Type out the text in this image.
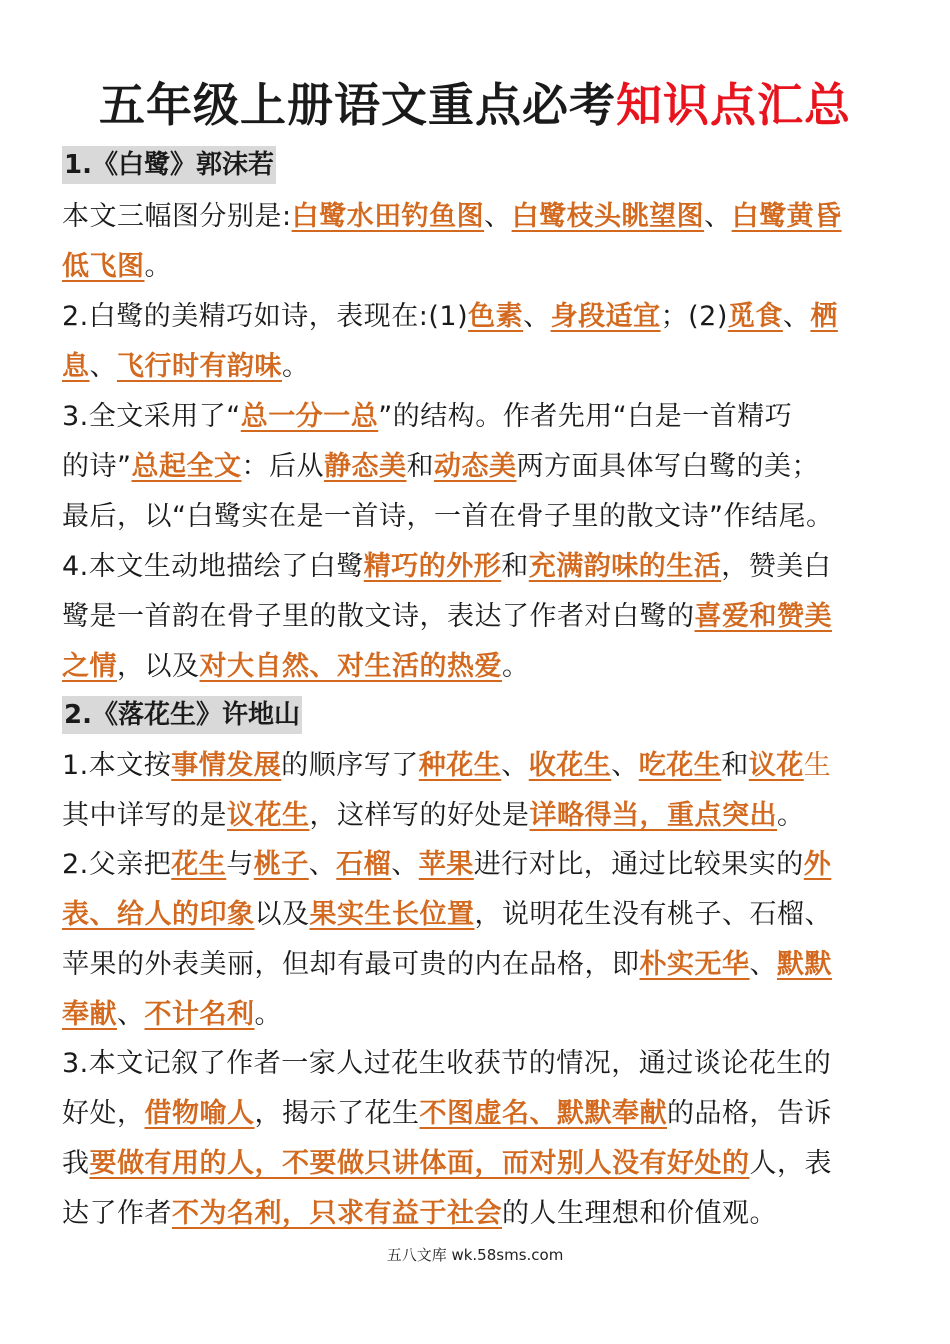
五年级上册语文重点必考知识点汇总
1.《白鹭》郭沫若
本文三幅图分别是:白鹭水田钓鱼图、白鹭枝头眺望图、白鹭黄昏
低飞图。
2.白鹭的美精巧如诗，表现在:(1)色素、身段适宜；(2)觅食、栖
息、飞行时有韵味。
3.全文采用了“总一分一总”的结构。作者先用“白是一首精巧
的诗”总起全文：后从静态美和动态美两方面具体写白鹭的美；
最后，以“白鹭实在是一首诗，一首在骨子里的散文诗”作结尾。
4.本文生动地描绘了白鹭精巧的外形和充满韵味的生活，赞美白
鹭是一首韵在骨子里的散文诗，表达了作者对白鹭的喜爱和赞美
之情，以及对大自然、对生活的热爱。
2.《落花生》许地山
1.本文按事情发展的顺序写了种花生、收花生、吃花生和议花生
其中详写的是议花生，这样写的好处是详略得当，重点突出。
2.父亲把花生与桃子、石榴、苹果进行对比，通过比较果实的外
表、给人的印象以及果实生长位置，说明花生没有桃子、石榴、
苹果的外表美丽，但却有最可贵的内在品格，即朴实无华、默默
奉献、不计名利。
3.本文记叙了作者一家人过花生收获节的情况，通过谈论花生的
好处，借物喻人，揭示了花生不图虚名、默默奉献的品格，告诉
我要做有用的人，不要做只讲体面，而对别人没有好处的人，表
达了作者不为名利，只求有益于社会的人生理想和价值观。
五八文库 wk.58sms.com
